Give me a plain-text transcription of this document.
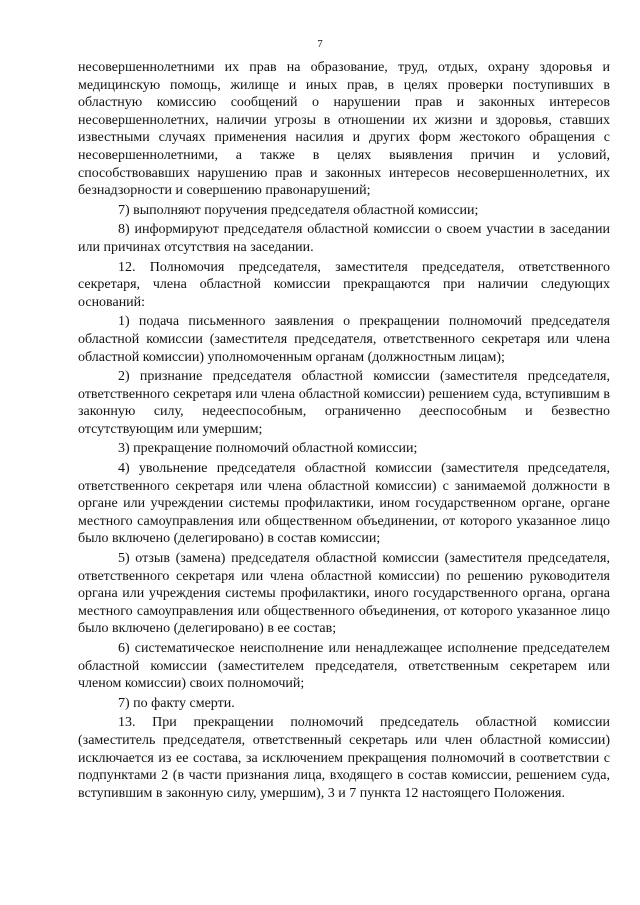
7

несовершеннолетними их прав на образование, труд, отдых, охрану здоровья и медицинскую помощь, жилище и иных прав, в целях проверки поступивших в областную комиссию сообщений о нарушении прав и законных интересов несовершеннолетних, наличии угрозы в отношении их жизни и здоровья, ставших известными случаях применения насилия и других форм жестокого обращения с несовершеннолетними, а также в целях выявления причин и условий, способствовавших нарушению прав и законных интересов несовершеннолетних, их безнадзорности и совершению правонарушений;

7) выполняют поручения председателя областной комиссии;

8) информируют председателя областной комиссии о своем участии в заседании или причинах отсутствия на заседании.

12. Полномочия председателя, заместителя председателя, ответственного секретаря, члена областной комиссии прекращаются при наличии следующих оснований:

1) подача письменного заявления о прекращении полномочий председателя областной комиссии (заместителя председателя, ответственного секретаря или члена областной комиссии) уполномоченным органам (должностным лицам);

2) признание председателя областной комиссии (заместителя председателя, ответственного секретаря или члена областной комиссии) решением суда, вступившим в законную силу, недееспособным, ограниченно дееспособным и безвестно отсутствующим или умершим;

3) прекращение полномочий областной комиссии;

4) увольнение председателя областной комиссии (заместителя председателя, ответственного секретаря или члена областной комиссии) с занимаемой должности в органе или учреждении системы профилактики, ином государственном органе, органе местного самоуправления или общественном объединении, от которого указанное лицо было включено (делегировано) в состав комиссии;

5) отзыв (замена) председателя областной комиссии (заместителя председателя, ответственного секретаря или члена областной комиссии) по решению руководителя органа или учреждения системы профилактики, иного государственного органа, органа местного самоуправления или общественного объединения, от которого указанное лицо было включено (делегировано) в ее состав;

6) систематическое неисполнение или ненадлежащее исполнение председателем областной комиссии (заместителем председателя, ответственным секретарем или членом комиссии) своих полномочий;

7) по факту смерти.

13. При прекращении полномочий председатель областной комиссии (заместитель председателя, ответственный секретарь или член областной комиссии) исключается из ее состава, за исключением прекращения полномочий в соответствии с подпунктами 2 (в части признания лица, входящего в состав комиссии, решением суда, вступившим в законную силу, умершим), 3 и 7 пункта 12 настоящего Положения.
